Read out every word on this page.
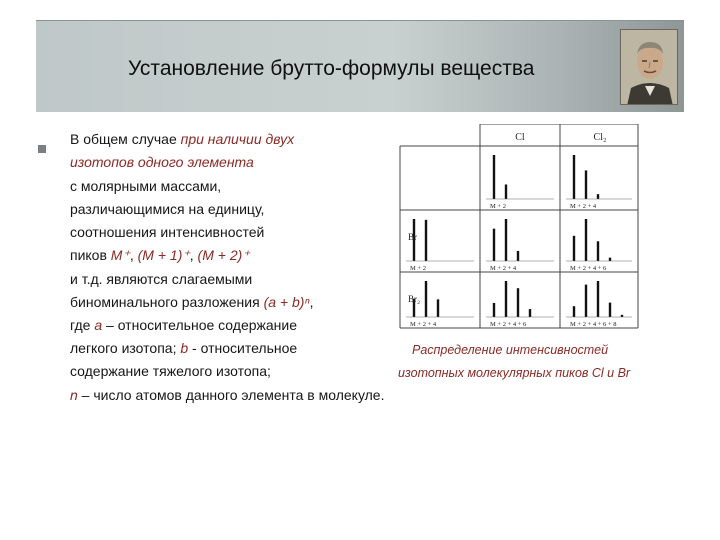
Установление брутто-формулы вещества
В общем случае при наличии двух
изотопов одного элемента
с молярными массами,
различающимися на единицу,
соотношения интенсивностей
пиков М⁺, (М + 1)⁺, (М + 2)⁺
и т.д. являются слагаемыми
биноминального разложения (а + b)ⁿ,
где а – относительное содержание
легкого изотопа; b - относительное
содержание тяжелого изотопа;
n – число атомов данного элемента в молекуле.
Cl	Cl₂
Br
Br₂
M + 2	M + 2 + 4
M + 2	M + 2 + 4	M + 2 + 4 + 6
M + 2 + 4	M + 2 + 4 + 6	M + 2 + 4 + 6 + 8
Распределение интенсивностей
изотопных молекулярных пиков Cl и Br
